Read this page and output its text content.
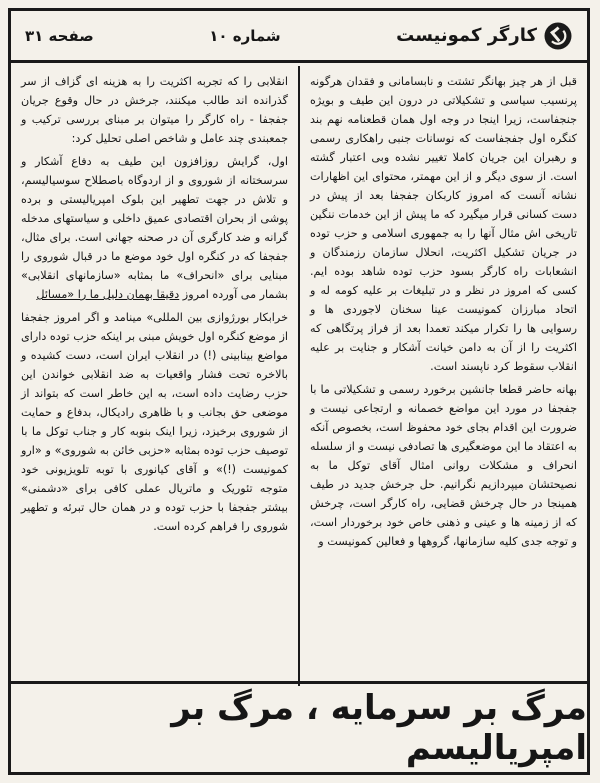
کارگر کمونیست
شماره ۱۰
صفحه ۳۱

قبل از هر چیز بهانگر تشتت و نابسامانی و فقدان هرگونه پرنسیب سیاسی و تشکیلاتی در درون این طیف و بویژه جنجفاست، زیرا اینجا در وجه اول همان قطعنامه نهم بند کنگره اول جفجفاست که نوسانات جنبی راهکاری رسمی و رهبران این جریان کاملا تغییر نشده وبی اعتبار گشته است. از سوی دیگر و از این مهمتر، محتوای این اظهارات نشانه آنست که امروز کاربکان جفجفا بعد از پیش در دست کسانی قرار میگیرد که ما پیش از این خدمات ننگین تاریخی اش مثال آنها را به جمهوری اسلامی و حزب توده در جریان تشکیل اکثریت، انحلال سازمان رزمندگان و انشعابات راه کارگر بسود حزب توده شاهد بوده ایم. کسی که امروز در نظر و در تبلیغات بر علیه کومه له و اتحاد مبارزان کمونیست عینا سخنان لاجوردی ها و رسوایی ها را تکرار میکند تعمدا بعد از فراز پرتگاهی که اکثریت را از آن به دامن خیانت آشکار و جنایت بر علیه انقلاب سقوط کرد ناپسند است.

بهانه حاضر قطعا جانشین برخورد رسمی و تشکیلاتی ما با جفجفا در مورد این مواضع خصمانه و ارتجاعی نیست و ضرورت این اقدام بجای خود محفوظ است، بخصوص آنکه به اعتقاد ما این موضعگیری ها تصادفی نیست و از سلسله انحراف و مشکلات روانی امثال آقای توکل ما به نصیحتشان میپردازیم نگرانیم. حل جرخش جدید در طیف همینجا در حال چرخش قضایی، راه کارگر است، چرخش که از زمینه ها و عینی و ذهنی خاص خود برخوردار است، و توجه جدی کلیه سازمانها، گروهها و فعالین کمونیست و

انقلابی را که تجربه اکثریت را به هزینه ای گزاف از سر گذرانده اند طالب میکنند، جرخش در حال وقوع جریان جفجفا - راه کارگر را میتوان بر مبنای بررسی ترکیب و جمعبندی چند عامل و شاخص اصلی تحلیل کرد:

اول، گرایش روزافزون این طیف به دفاع آشکار و سرسختانه از شوروی و از اردوگاه باصطلاح سوسیالیسم، و تلاش در جهت تطهیر این بلوک امپریالیستی و برده پوشی از بحران اقتصادی عمیق داخلی و سیاستهای مدخله گرانه و ضد کارگری آن در صحنه جهانی است. برای مثال، جفجفا که در کنگره اول خود موضع ما در قبال شوروی را مبنایی برای «انحراف» ما بمثابه «سازمانهای انقلابی» بشمار می آورده امروز دقیقا بهمان دلیل ما را «مسائل

خرابکار بورژوازی بین المللی» مینامد و اگر امروز جفجفا از موضع کنگره اول خویش مبنی بر اینکه حزب توده دارای مواضع بینابینی (!) در انقلاب ایران است، دست کشیده و بالاخره تحت فشار واقعیات به ضد انقلابی خواندن این حزب رضایت داده است، به این خاطر است که بتواند از موضعی حق بجانب و با ظاهری رادیکال، بدفاع و حمایت از شوروی برخیزد، زیرا اینک بنوبه کار و جناب توکل ما با توصیف حزب توده بمثابه «حزبی خائن به شوروی» و «ارو کمونیست (!)» و آقای کیانوری با توبه تلویزیونی خود متوجه تئوریک و ماتریال عملی کافی برای «دشمنی» بیشتر جفجفا با حزب توده و در همان حال تبرئه و تطهیر شوروی را فراهم کرده است.

مرگ بر سرمایه ، مرگ بر امپریالیسم
